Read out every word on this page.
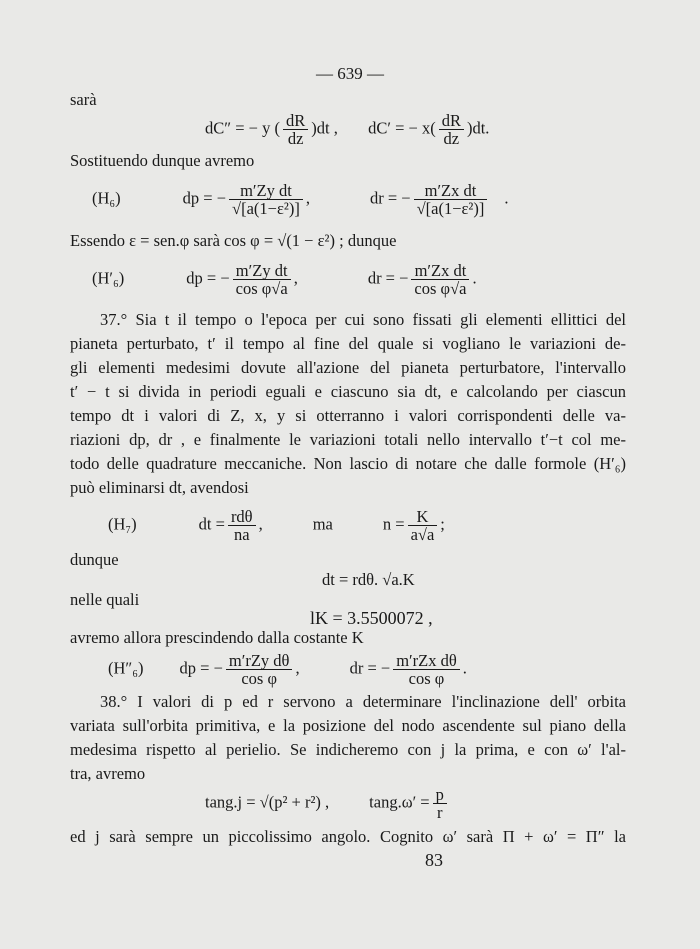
— 639 —
sarà
dC″ = − y ( $\frac{dR}{dz} )dt$ , dC′ = − $x( \frac{dR}{dz} )dt$.
Sostituendo dunque avremo
(H₆)	dp = − $\frac{\text{m′Zy dt}}{\text{√[a(1−ε²)]}}$ ,	dr = − $\frac{\text{m′Zx dt}}{\text{√[a(1−ε²)]}}$ .
Essendo ε = sen.φ sarà cos φ = √(1 − ε²) ; dunque
(H′₆)	dp = − $\frac{\text{m′Zy dt}}{\text{cos φ√a}}$ ,	dr = − $\frac{\text{m′Zx dt}}{\text{cos φ√a}}$ .
37.° Sia t il tempo o l'epoca per cui sono fissati gli elementi ellittici del
pianeta perturbato, t′ il tempo al fine del quale si vogliano le variazioni de-
gli elementi medesimi dovute all'azione del pianeta perturbatore, l'intervallo
t′ − t si divida in periodi eguali e ciascuno sia dt, e calcolando per ciascun
tempo dt i valori di Z, x, y si otterranno i valori corrispondenti delle va-
riazioni dp, dr , e finalmente le variazioni totali nello intervallo t′−t col me-
todo delle quadrature meccaniche. Non lascio di notare che dalle formole (H′₆)
può eliminarsi dt, avendosi
(H₇)	dt = $\frac{\text{rdθ}}{na}$ ,	ma	$n = \frac{K}{a√a}$ ;
dunque
dt = rdθ. √a.K
nelle quali
lK = 3.5500072 ,
avremo allora prescindendo dalla costante K
(H″₆) dp = − $\frac{\text{m′rZy dθ}}{\text{cos φ}}$ ,	dr = − $\frac{\text{m′rZx dθ}}{\text{cos φ}}$ .
38.° I valori di p ed r servono a determinare l'inclinazione dell' orbita
variata sull'orbita primitiva, e la posizione del nodo ascendente sul piano della
medesima rispetto al perielio. Se indicheremo con j la prima, e con ω′ l'al-
tra, avremo
tang.j = √(p² + r²) , $\tan g.\omega' = \frac{p}{r}$
ed j sarà sempre un piccolissimo angolo. Cognito ω′ sarà Π + ω′ = Π″ la
83
